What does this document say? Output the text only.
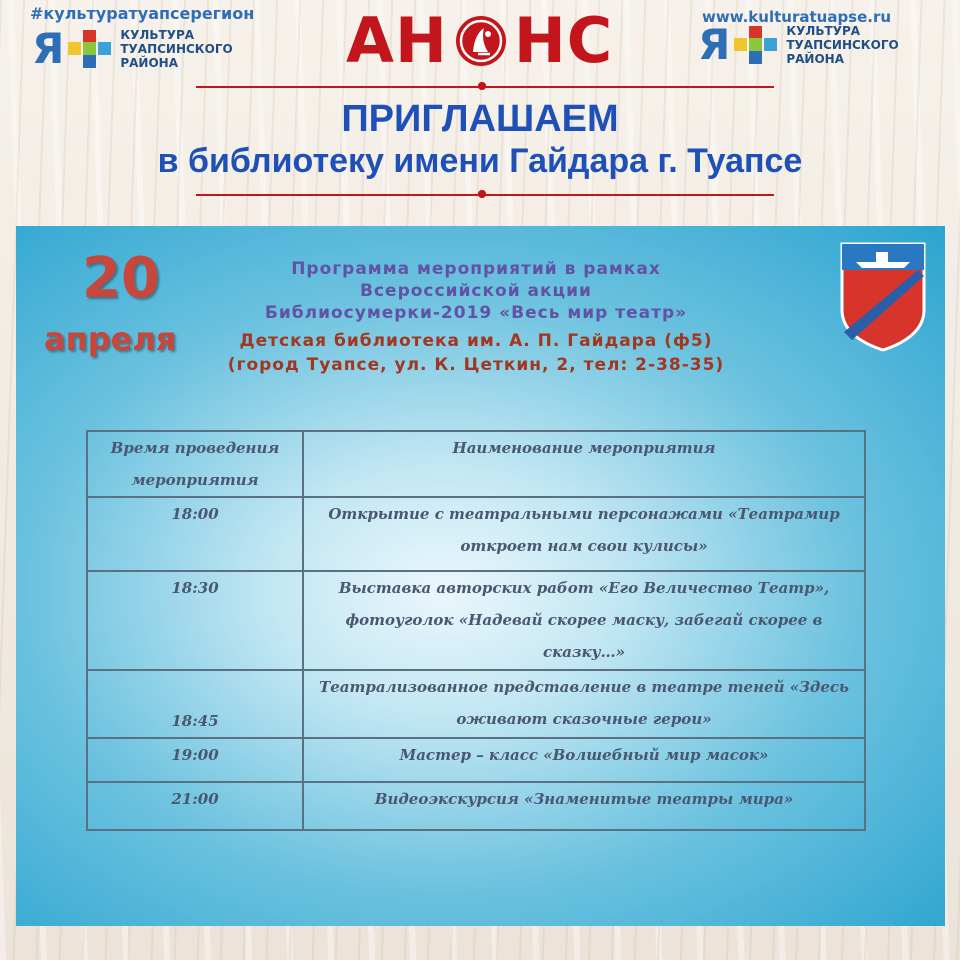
#культуратуапсерегион	www.kulturatuapse.ru
Я	КУЛЬТУРА
ТУАПСИНСКОГО
РАЙОНА	Я	КУЛЬТУРА
ТУАПСИНСКОГО
РАЙОНА
АН НС
ПРИГЛАШАЕМ
в библиотеку имени Гайдара г. Туапсе
20
апреля
Программа мероприятий в рамках
Всероссийской акции
Библиосумерки-2019 «Весь мир театр»
Детская библиотека им. А. П. Гайдара (ф5)
(город Туапсе, ул. К. Цеткин, 2, тел: 2-38-35)
Время проведения мероприятия	Наименование мероприятия
18:00	Открытие с театральными персонажами «Театрамир откроет нам свои кулисы»
18:30	Выставка авторских работ «Его Величество Театр», фотоуголок «Надевай скорее маску, забегай скорее в сказку…»
18:45	Театрализованное представление в театре теней «Здесь оживают сказочные герои»
19:00	Мастер – класс «Волшебный мир масок»
21:00	Видеоэкскурсия «Знаменитые театры мира»
